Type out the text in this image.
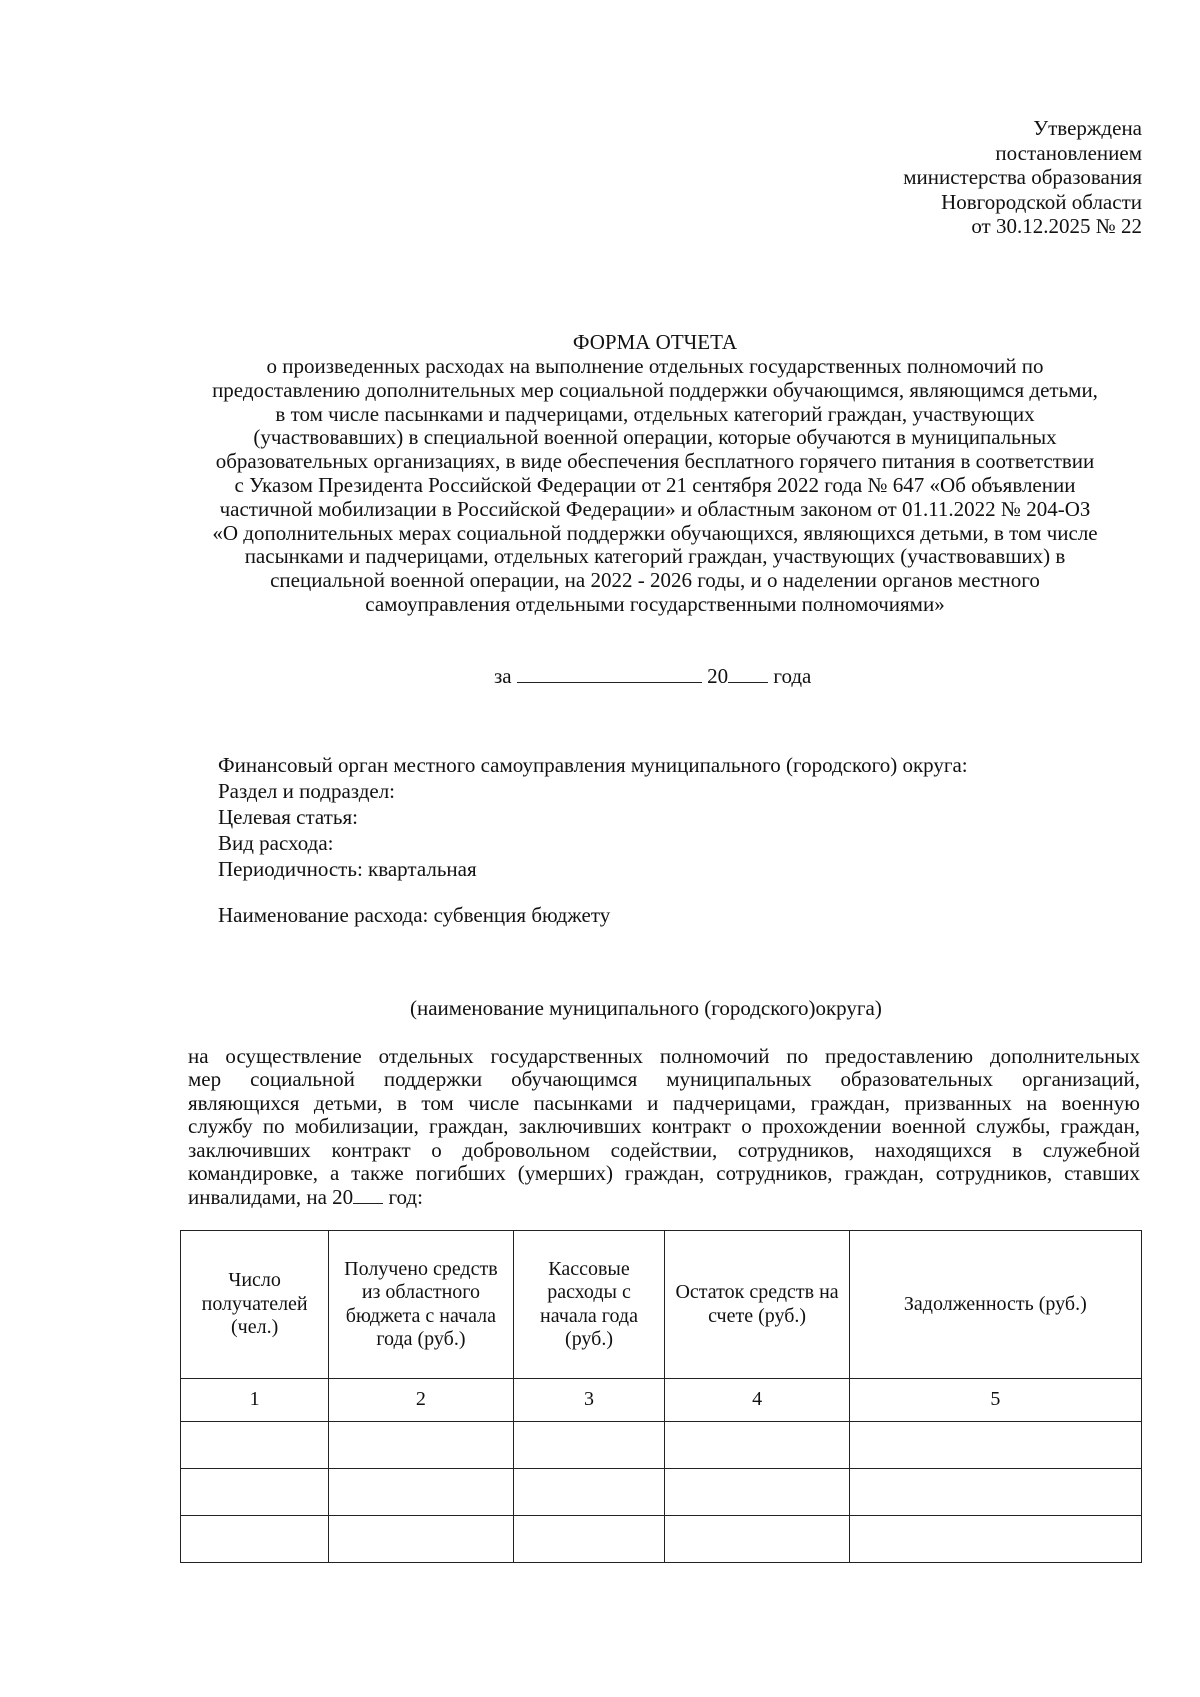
Утверждена
постановлением
министерства образования
Новгородской области
от 30.12.2025 № 22
ФОРМА ОТЧЕТА
о произведенных расходах на выполнение отдельных государственных полномочий по
предоставлению дополнительных мер социальной поддержки обучающимся, являющимся детьми,
в том числе пасынками и падчерицами, отдельных категорий граждан, участвующих
(участвовавших) в специальной военной операции, которые обучаются в муниципальных
образовательных организациях, в виде обеспечения бесплатного горячего питания в соответствии
с Указом Президента Российской Федерации от 21 сентября 2022 года № 647 «Об объявлении
частичной мобилизации в Российской Федерации» и областным законом от 01.11.2022 № 204-ОЗ
«О дополнительных мерах социальной поддержки обучающихся, являющихся детьми, в том числе
пасынками и падчерицами, отдельных категорий граждан, участвующих (участвовавших) в
специальной военной операции, на 2022 - 2026 годы, и о наделении органов местного
самоуправления отдельными государственными полномочиями»
за	20 года
Финансовый орган местного самоуправления муниципального (городского) округа:
Раздел и подраздел:
Целевая статья:
Вид расхода:
Периодичность: квартальная
Наименование расхода: субвенция бюджету
(наименование муниципального (городского)округа)
на осуществление отдельных государственных полномочий по предоставлению дополнительных
мер социальной поддержки обучающимся муниципальных образовательных организаций,
являющихся детьми, в том числе пасынками и падчерицами, граждан, призванных на военную
службу по мобилизации, граждан, заключивших контракт о прохождении военной службы, граждан,
заключивших контракт о добровольном содействии, сотрудников, находящихся в служебной
командировке, а также погибших (умерших) граждан, сотрудников, граждан, сотрудников, ставших
инвалидами, на 20 год:
Число получателей (чел.)	Получено средств из областного бюджета с начала года (руб.)	Кассовые расходы с начала года (руб.)	Остаток средств на счете (руб.)	Задолженность (руб.)
1	2	3	4	5
